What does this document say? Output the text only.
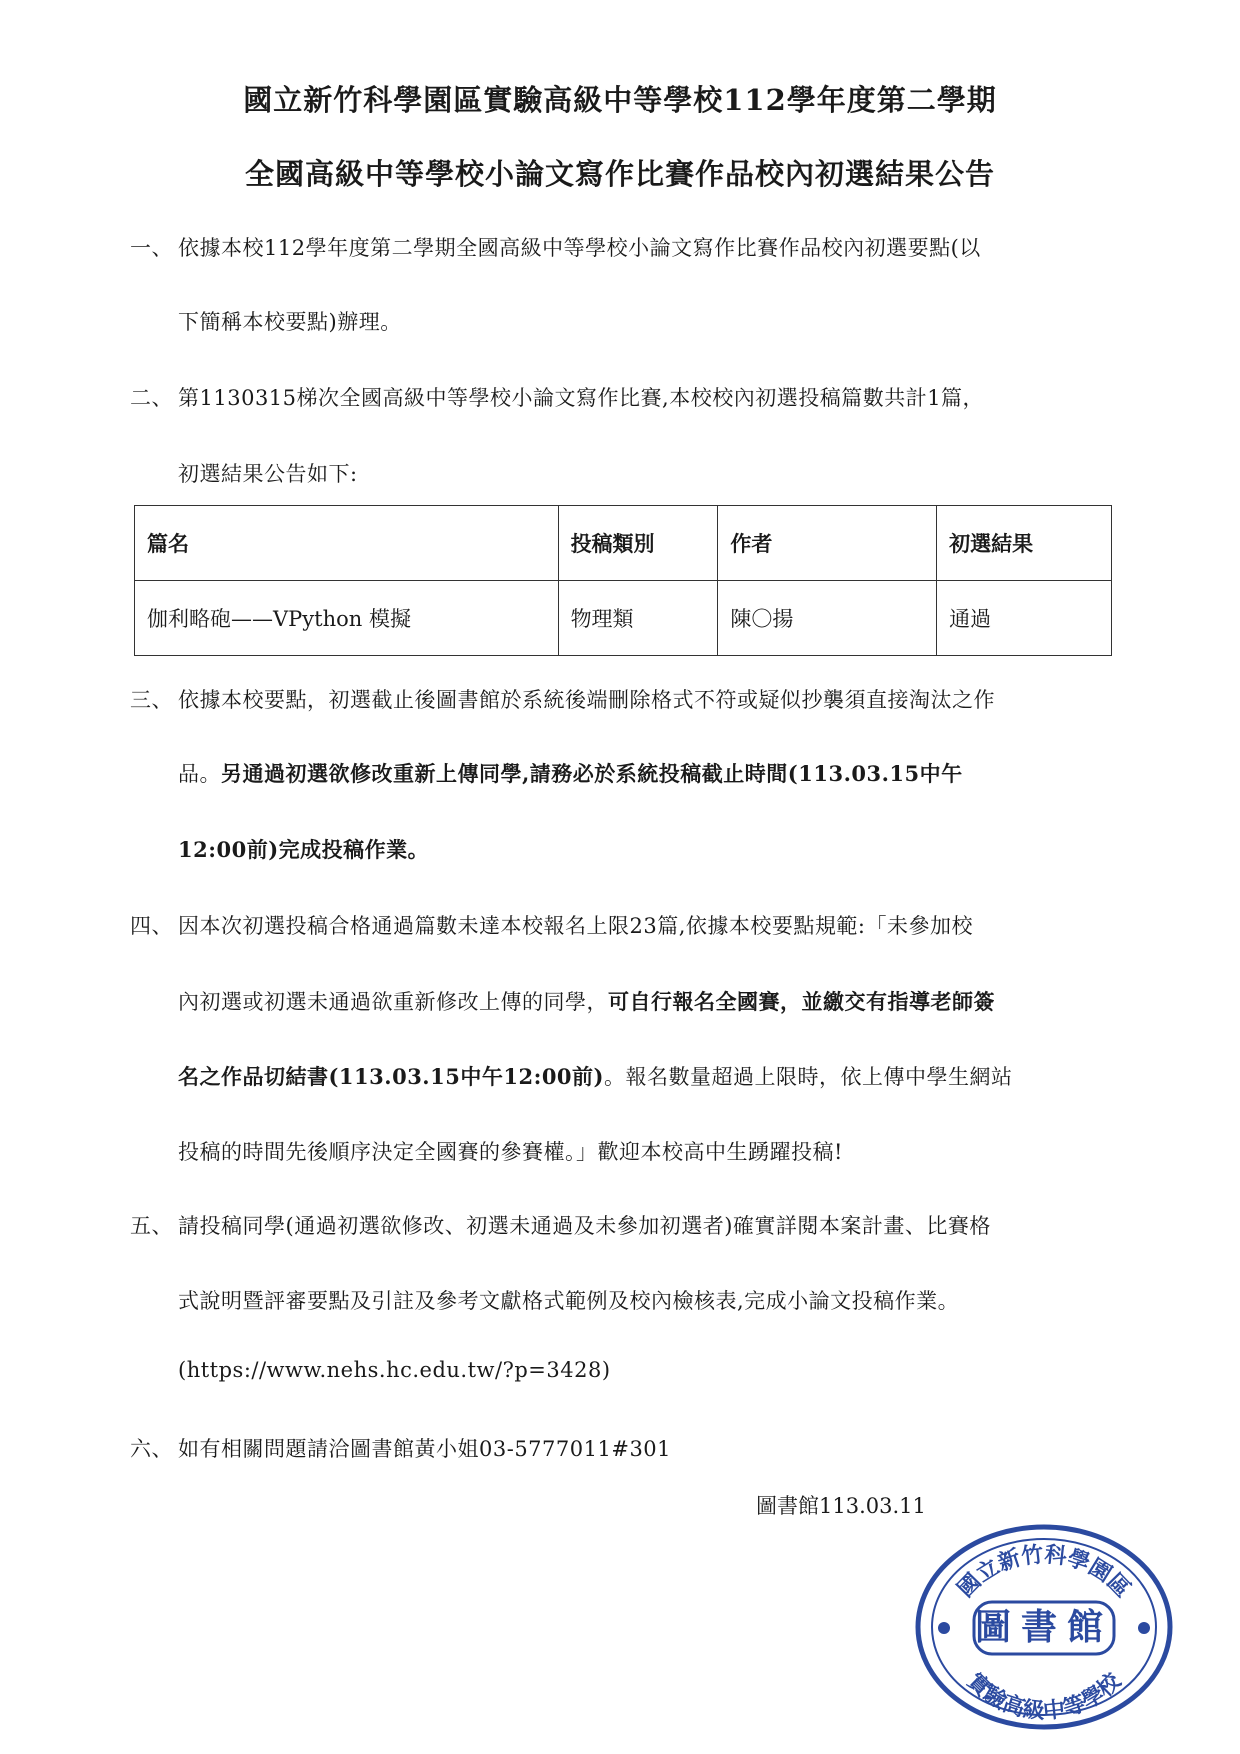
國立新竹科學園區實驗高級中等學校112學年度第二學期
全國高級中等學校小論文寫作比賽作品校內初選結果公告
一、 依據本校112學年度第二學期全國高級中等學校小論文寫作比賽作品校內初選要點(以
下簡稱本校要點)辦理。
二、 第1130315梯次全國高級中等學校小論文寫作比賽,本校校內初選投稿篇數共計1篇，
初選結果公告如下:
篇名	投稿類別	作者	初選結果
伽利略砲——VPython 模擬	物理類	陳〇揚	通過
三、 依據本校要點，初選截止後圖書館於系統後端刪除格式不符或疑似抄襲須直接淘汰之作
品。另通過初選欲修改重新上傳同學,請務必於系統投稿截止時間(113.03.15中午
12:00前)完成投稿作業。
四、 因本次初選投稿合格通過篇數未達本校報名上限23篇,依據本校要點規範:「未參加校
內初選或初選未通過欲重新修改上傳的同學，可自行報名全國賽，並繳交有指導老師簽
名之作品切結書(113.03.15中午12:00前)。報名數量超過上限時，依上傳中學生網站
投稿的時間先後順序決定全國賽的參賽權。」歡迎本校高中生踴躍投稿!
五、 請投稿同學(通過初選欲修改、初選未通過及未參加初選者)確實詳閱本案計畫、比賽格
式說明暨評審要點及引註及參考文獻格式範例及校內檢核表,完成小論文投稿作業。
(https://www.nehs.hc.edu.tw/?p=3428)
六、 如有相關問題請洽圖書館黃小姐03-5777011#301
圖書館113.03.11
國立新竹科學園區
圖書館
實驗高級中等學校
